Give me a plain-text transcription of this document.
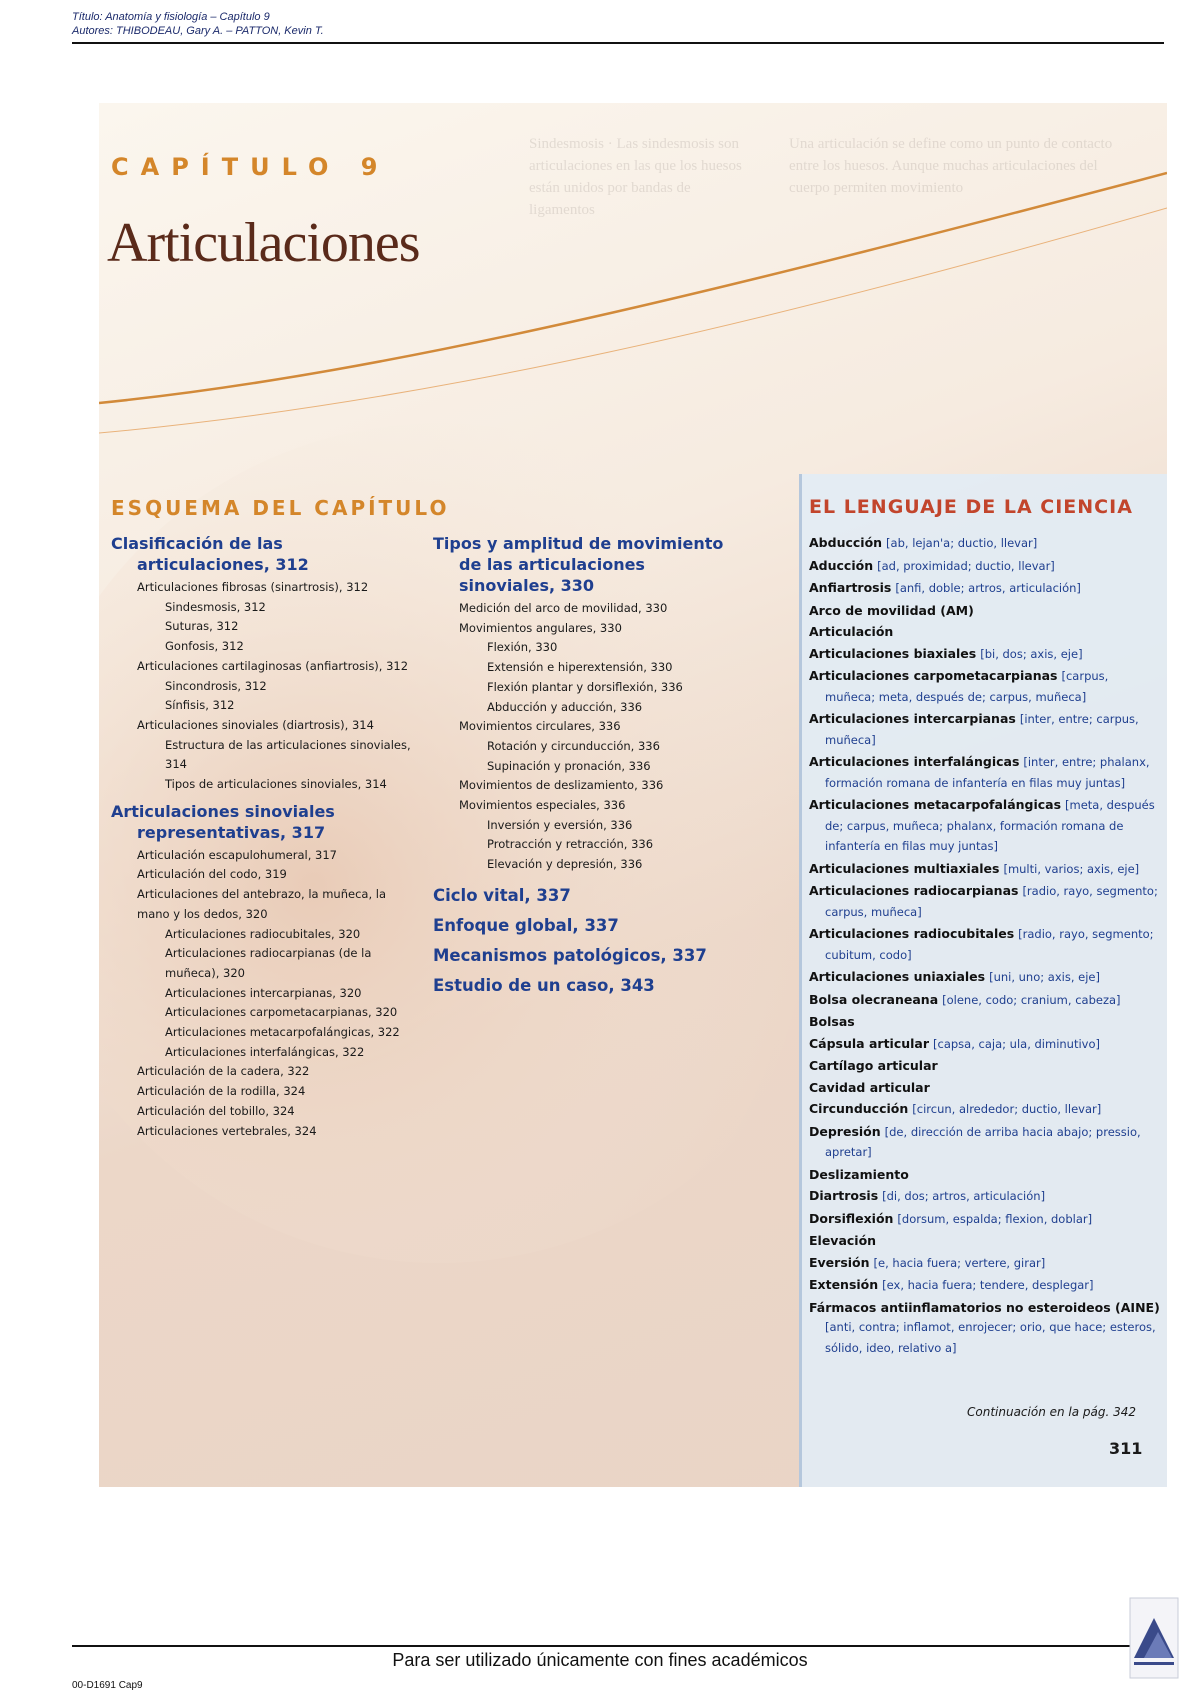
Título: Anatomía y fisiología – Capítulo 9
Autores: THIBODEAU, Gary A. – PATTON, Kevin T.
Sindesmosis · Las sindesmosis son articulaciones en las que los huesos están unidos por bandas de ligamentos
Una articulación se define como un punto de contacto entre los huesos. Aunque muchas articulaciones del cuerpo permiten movimiento
CAPÍTULO 9
Articulaciones
ESQUEMA DEL CAPÍTULO
Clasificación de las articulaciones, 312
Articulaciones fibrosas (sinartrosis), 312
Sindesmosis, 312
Suturas, 312
Gonfosis, 312
Articulaciones cartilaginosas (anfiartrosis), 312
Sincondrosis, 312
Sínfisis, 312
Articulaciones sinoviales (diartrosis), 314
Estructura de las articulaciones sinoviales, 314
Tipos de articulaciones sinoviales, 314
Articulaciones sinoviales representativas, 317
Articulación escapulohumeral, 317
Articulación del codo, 319
Articulaciones del antebrazo, la muñeca, la mano y los dedos, 320
Articulaciones radiocubitales, 320
Articulaciones radiocarpianas (de la muñeca), 320
Articulaciones intercarpianas, 320
Articulaciones carpometacarpianas, 320
Articulaciones metacarpofalángicas, 322
Articulaciones interfalángicas, 322
Articulación de la cadera, 322
Articulación de la rodilla, 324
Articulación del tobillo, 324
Articulaciones vertebrales, 324
Tipos y amplitud de movimiento de las articulaciones sinoviales, 330
Medición del arco de movilidad, 330
Movimientos angulares, 330
Flexión, 330
Extensión e hiperextensión, 330
Flexión plantar y dorsiflexión, 336
Abducción y aducción, 336
Movimientos circulares, 336
Rotación y circunducción, 336
Supinación y pronación, 336
Movimientos de deslizamiento, 336
Movimientos especiales, 336
Inversión y eversión, 336
Protracción y retracción, 336
Elevación y depresión, 336
Ciclo vital, 337
Enfoque global, 337
Mecanismos patológicos, 337
Estudio de un caso, 343
EL LENGUAJE DE LA CIENCIA
Abducción [ab, lejan'a; ductio, llevar]
Aducción [ad, proximidad; ductio, llevar]
Anfiartrosis [anfi, doble; artros, articulación]
Arco de movilidad (AM)
Articulación
Articulaciones biaxiales [bi, dos; axis, eje]
Articulaciones carpometacarpianas [carpus, muñeca; meta, después de; carpus, muñeca]
Articulaciones intercarpianas [inter, entre; carpus, muñeca]
Articulaciones interfalángicas [inter, entre; phalanx, formación romana de infantería en filas muy juntas]
Articulaciones metacarpofalángicas [meta, después de; carpus, muñeca; phalanx, formación romana de infantería en filas muy juntas]
Articulaciones multiaxiales [multi, varios; axis, eje]
Articulaciones radiocarpianas [radio, rayo, segmento; carpus, muñeca]
Articulaciones radiocubitales [radio, rayo, segmento; cubitum, codo]
Articulaciones uniaxiales [uni, uno; axis, eje]
Bolsa olecraneana [olene, codo; cranium, cabeza]
Bolsas
Cápsula articular [capsa, caja; ula, diminutivo]
Cartílago articular
Cavidad articular
Circunducción [circun, alrededor; ductio, llevar]
Depresión [de, dirección de arriba hacia abajo; pressio, apretar]
Deslizamiento
Diartrosis [di, dos; artros, articulación]
Dorsiflexión [dorsum, espalda; flexion, doblar]
Elevación
Eversión [e, hacia fuera; vertere, girar]
Extensión [ex, hacia fuera; tendere, desplegar]
Fármacos antiinflamatorios no esteroideos (AINE) [anti, contra; inflamot, enrojecer; orio, que hace; esteros, sólido, ideo, relativo a]
Continuación en la pág. 342
311
Para ser utilizado únicamente con fines académicos
00-D1691 Cap9
